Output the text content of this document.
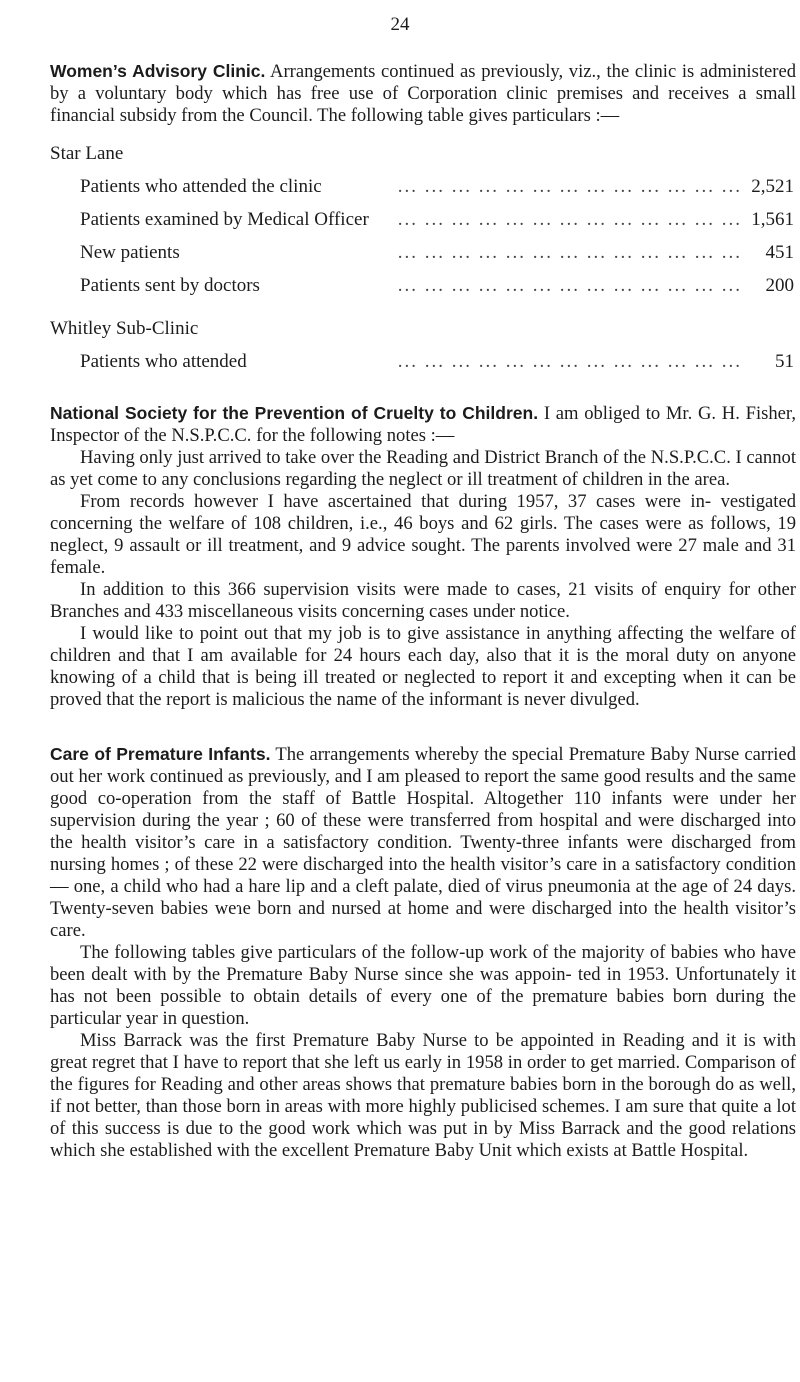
24

Women’s Advisory Clinic. Arrangements continued as previously, viz., the clinic is administered by a voluntary body which has free use of Corporation clinic premises and receives a small financial subsidy from the Council. The following table gives particulars :—

Star Lane
Patients who attended the clinic	... ... ... ... ... ... ... ... ... ... ... ... ... 2,521
Patients examined by Medical Officer	... ... ... ... ... ... ... ... ... ... ... ... ... 1,561
New patients	... ... ... ... ... ... ... ... ... ... ... ... ...	451
Patients sent by doctors	... ... ... ... ... ... ... ... ... ... ... ... ...	200
Whitley Sub-Clinic
Patients who attended	... ... ... ... ... ... ... ... ... ... ... ... ...	51

National Society for the Prevention of Cruelty to Children. I am obliged to Mr. G. H. Fisher, Inspector of the N.S.P.C.C. for the following notes :—

Having only just arrived to take over the Reading and District Branch of the N.S.P.C.C. I cannot as yet come to any conclusions regarding the neglect or ill treatment of children in the area.

From records however I have ascertained that during 1957, 37 cases were in- vestigated concerning the welfare of 108 children, i.e., 46 boys and 62 girls. The cases were as follows, 19 neglect, 9 assault or ill treatment, and 9 advice sought. The parents involved were 27 male and 31 female.

In addition to this 366 supervision visits were made to cases, 21 visits of enquiry for other Branches and 433 miscellaneous visits concerning cases under notice.

I would like to point out that my job is to give assistance in anything affecting the welfare of children and that I am available for 24 hours each day, also that it is the moral duty on anyone knowing of a child that is being ill treated or neglected to report it and excepting when it can be proved that the report is malicious the name of the informant is never divulged.

Care of Premature Infants. The arrangements whereby the special Premature Baby Nurse carried out her work continued as previously, and I am pleased to report the same good results and the same good co-operation from the staff of Battle Hospital. Altogether 110 infants were under her supervision during the year ; 60 of these were transferred from hospital and were discharged into the health visitor’s care in a satisfactory condition. Twenty-three infants were discharged from nursing homes ; of these 22 were discharged into the health visitor’s care in a satisfactory condition— one, a child who had a hare lip and a cleft palate, died of virus pneumonia at the age of 24 days. Twenty-seven babies weɿe born and nursed at home and were discharged into the health visitor’s care.

The following tables give particulars of the follow-up work of the majority of babies who have been dealt with by the Premature Baby Nurse since she was appoin- ted in 1953. Unfortunately it has not been possible to obtain details of every one of the premature babies born during the particular year in question.

Miss Barrack was the first Premature Baby Nurse to be appointed in Reading and it is with great regret that I have to report that she left us early in 1958 in order to get married. Comparison of the figures for Reading and other areas shows that premature babies born in the borough do as well, if not better, than those born in areas with more highly publicised schemes. I am sure that quite a lot of this success is due to the good work which was put in by Miss Barrack and the good relations which she established with the excellent Premature Baby Unit which exists at Battle Hospital.
